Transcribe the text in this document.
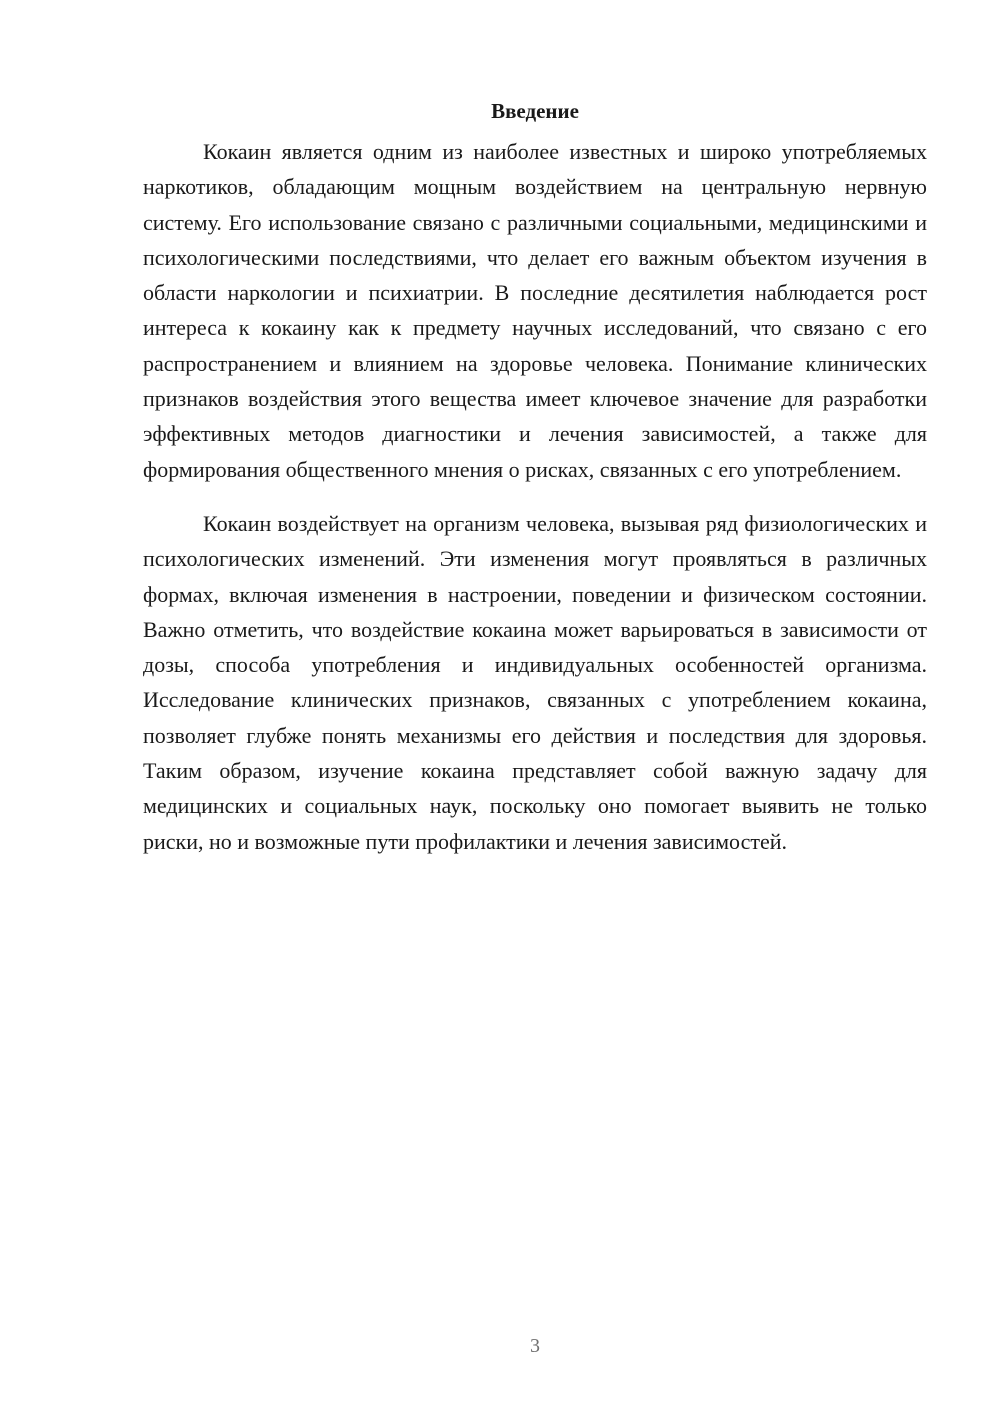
Введение

Кокаин является одним из наиболее известных и широко употребляемых наркотиков, обладающим мощным воздействием на центральную нервную систему. Его использование связано с различными социальными, медицинскими и психологическими последствиями, что делает его важным объектом изучения в области наркологии и психиатрии. В последние десятилетия наблюдается рост интереса к кокаину как к предмету научных исследований, что связано с его распространением и влиянием на здоровье человека. Понимание клинических признаков воздействия этого вещества имеет ключевое значение для разработки эффективных методов диагностики и лечения зависимостей, а также для формирования общественного мнения о рисках, связанных с его употреблением.

Кокаин воздействует на организм человека, вызывая ряд физиологических и психологических изменений. Эти изменения могут проявляться в различных формах, включая изменения в настроении, поведении и физическом состоянии. Важно отметить, что воздействие кокаина может варьироваться в зависимости от дозы, способа употребления и индивидуальных особенностей организма. Исследование клинических признаков, связанных с употреблением кокаина, позволяет глубже понять механизмы его действия и последствия для здоровья. Таким образом, изучение кокаина представляет собой важную задачу для медицинских и социальных наук, поскольку оно помогает выявить не только риски, но и возможные пути профилактики и лечения зависимостей.

3
